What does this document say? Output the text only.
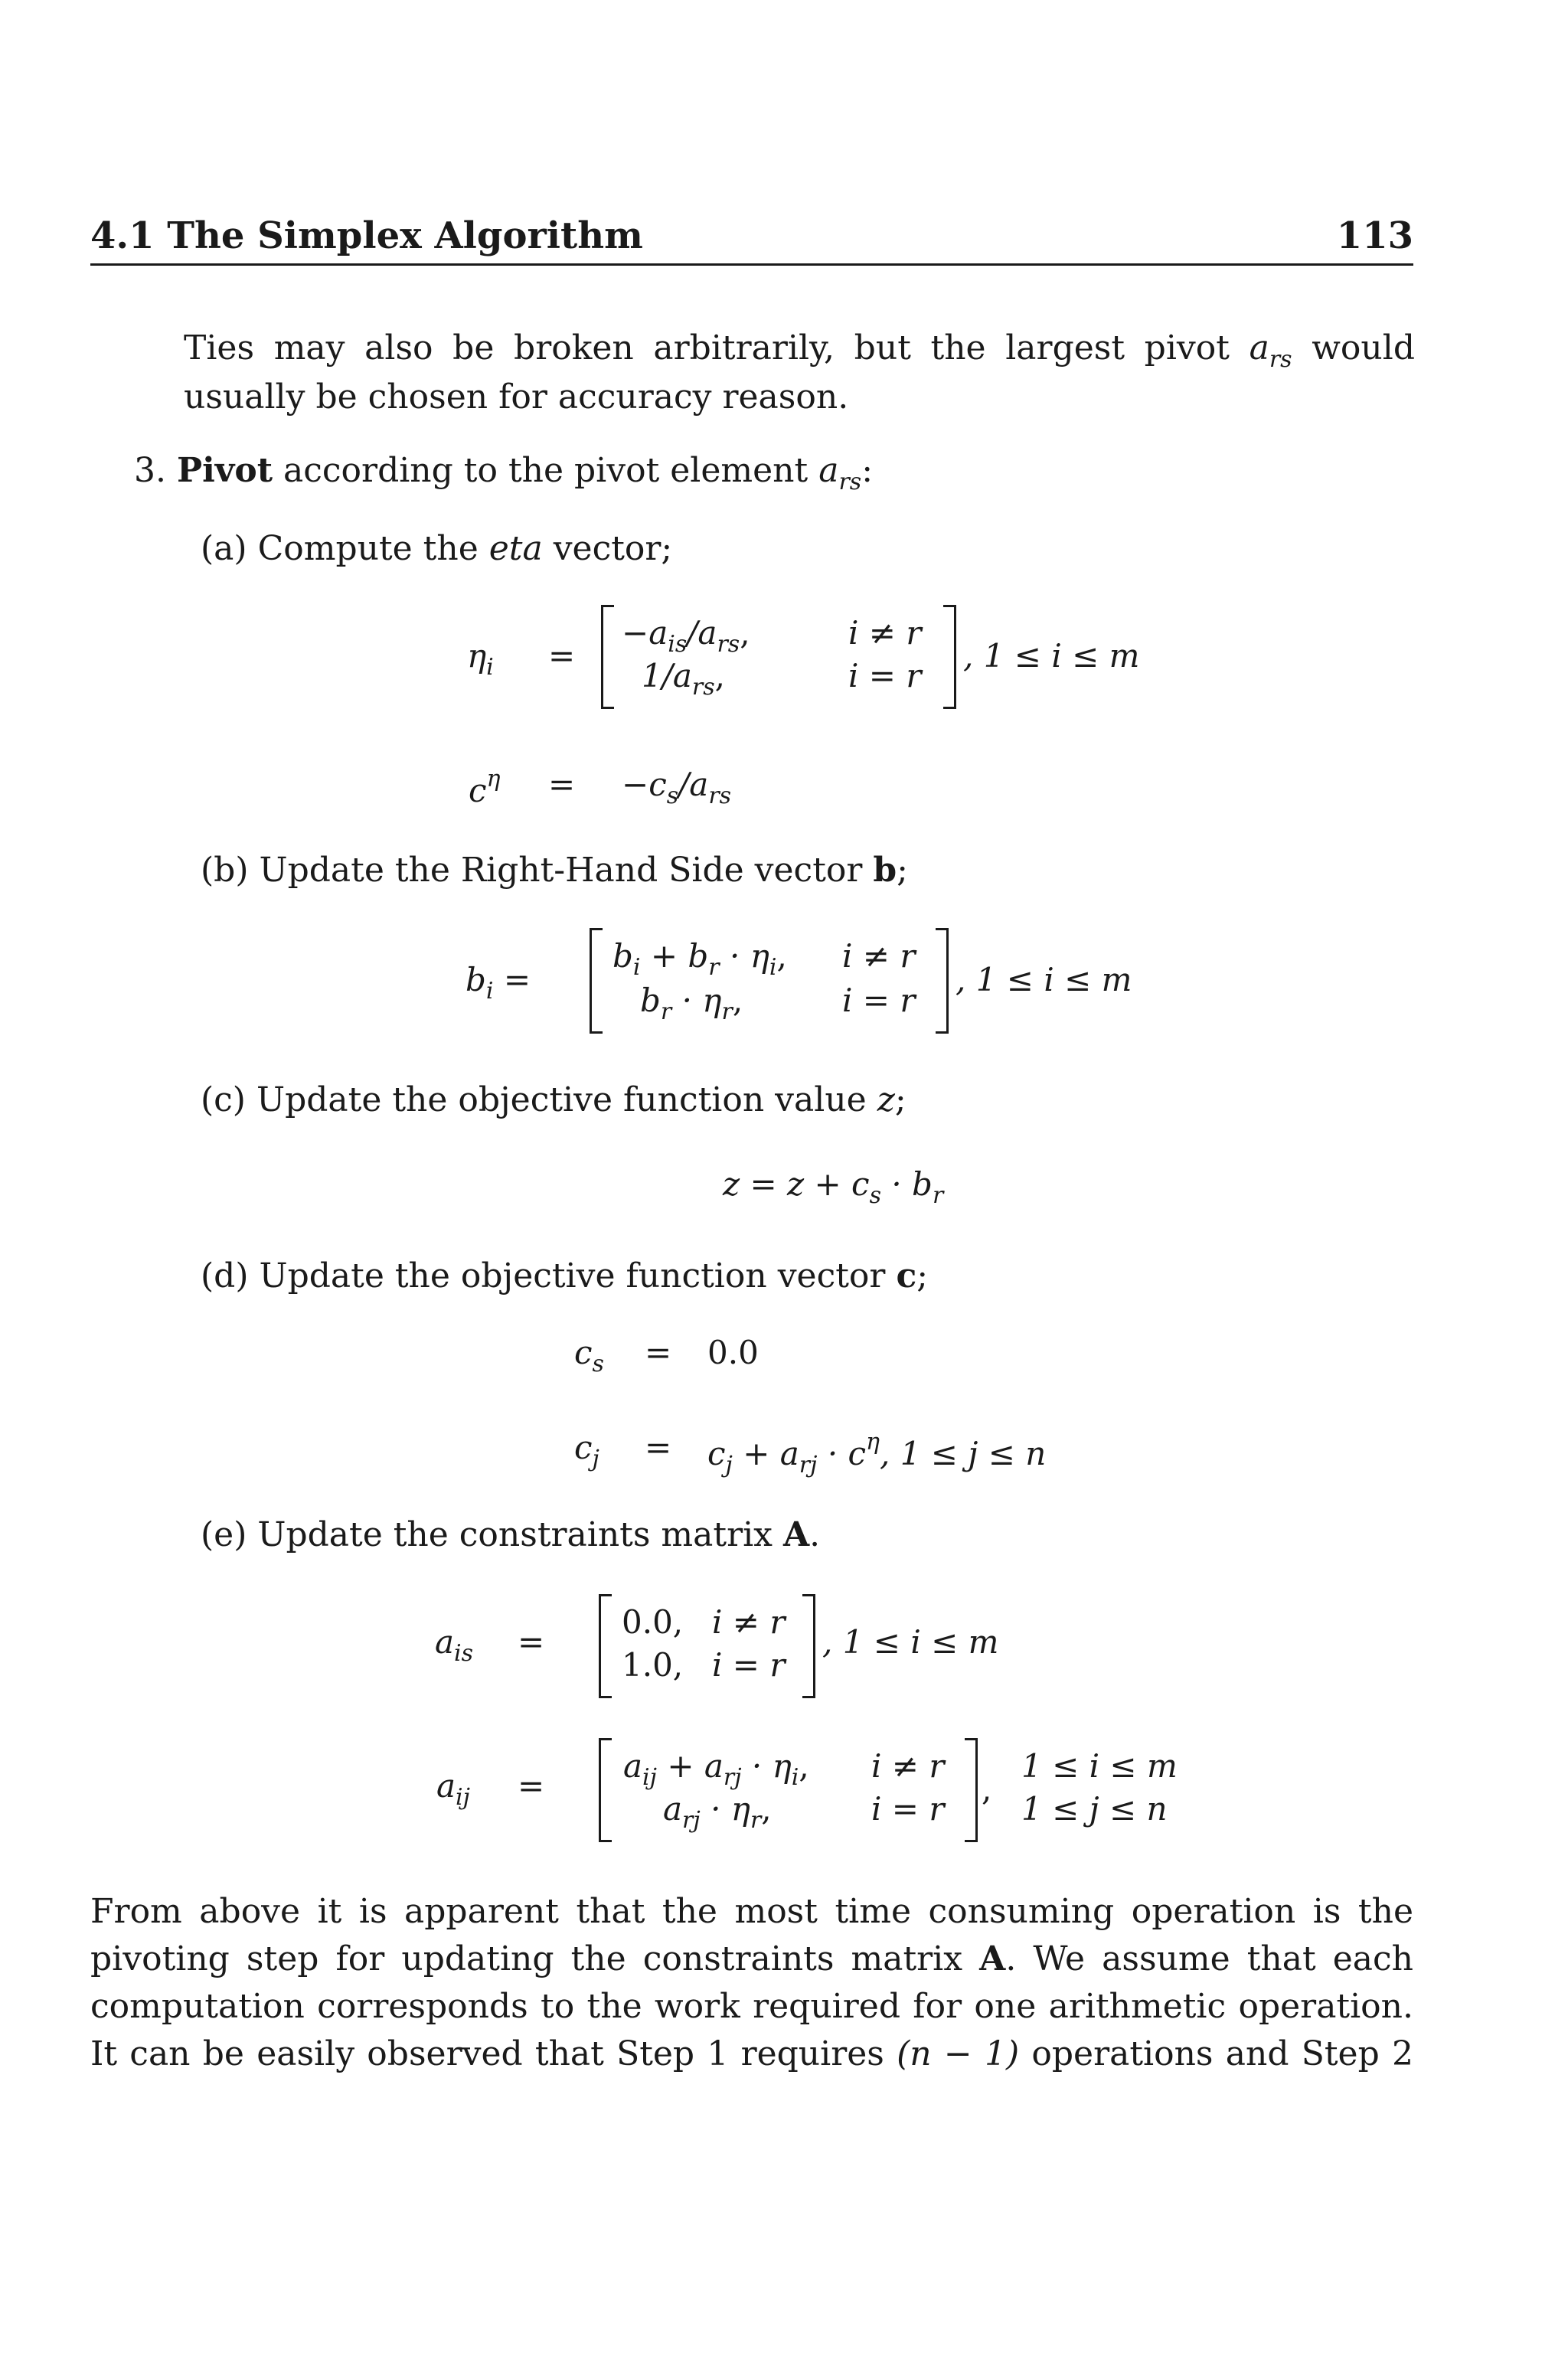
4.1 The Simplex Algorithm	113
Ties may also be broken arbitrarily, but the largest pivot $a_{rs}$ would
usually be chosen for accuracy reason.
3. Pivot according to the pivot element $a_{rs}$:
(a) Compute the eta vector;
$\eta_i$ =
$-a_{is}/a_{rs}$,	i ≠ r
$1/a_{rs}$,	i = r
, 1 ≤ i ≤ m
$c^\eta = -c_s/a_{rs}$
(b) Update the Right-Hand Side vector b;
$b_i$ =
$b_i + b_r \cdot \eta_i$, i ≠ r
$b_r \cdot \eta_r$,	i = r
, 1 ≤ i ≤ m
(c) Update the objective function value z;
$z = z + c_s \cdot b_r$
(d) Update the objective function vector c;
$c_s = 0.0$
$c_j = c_j + a_{rj} \cdot c^\eta$, 1 ≤ j ≤ n
(e) Update the constraints matrix A.
$a_{is}$ =
0.0, i ≠ r
1.0, i = r
, 1 ≤ i ≤ m
$a_{ij}$ =
$a_{ij} + a_{rj} \cdot \eta_i$, i ≠ r
$a_{rj} \cdot \eta_r$,	i = r
,
1 ≤ i ≤ m
1 ≤ j ≤ n
From above it is apparent that the most time consuming operation is the
pivoting step for updating the constraints matrix A. We assume that each
computation corresponds to the work required for one arithmetic operation.
It can be easily observed that Step 1 requires (n − 1) operations and Step 2
